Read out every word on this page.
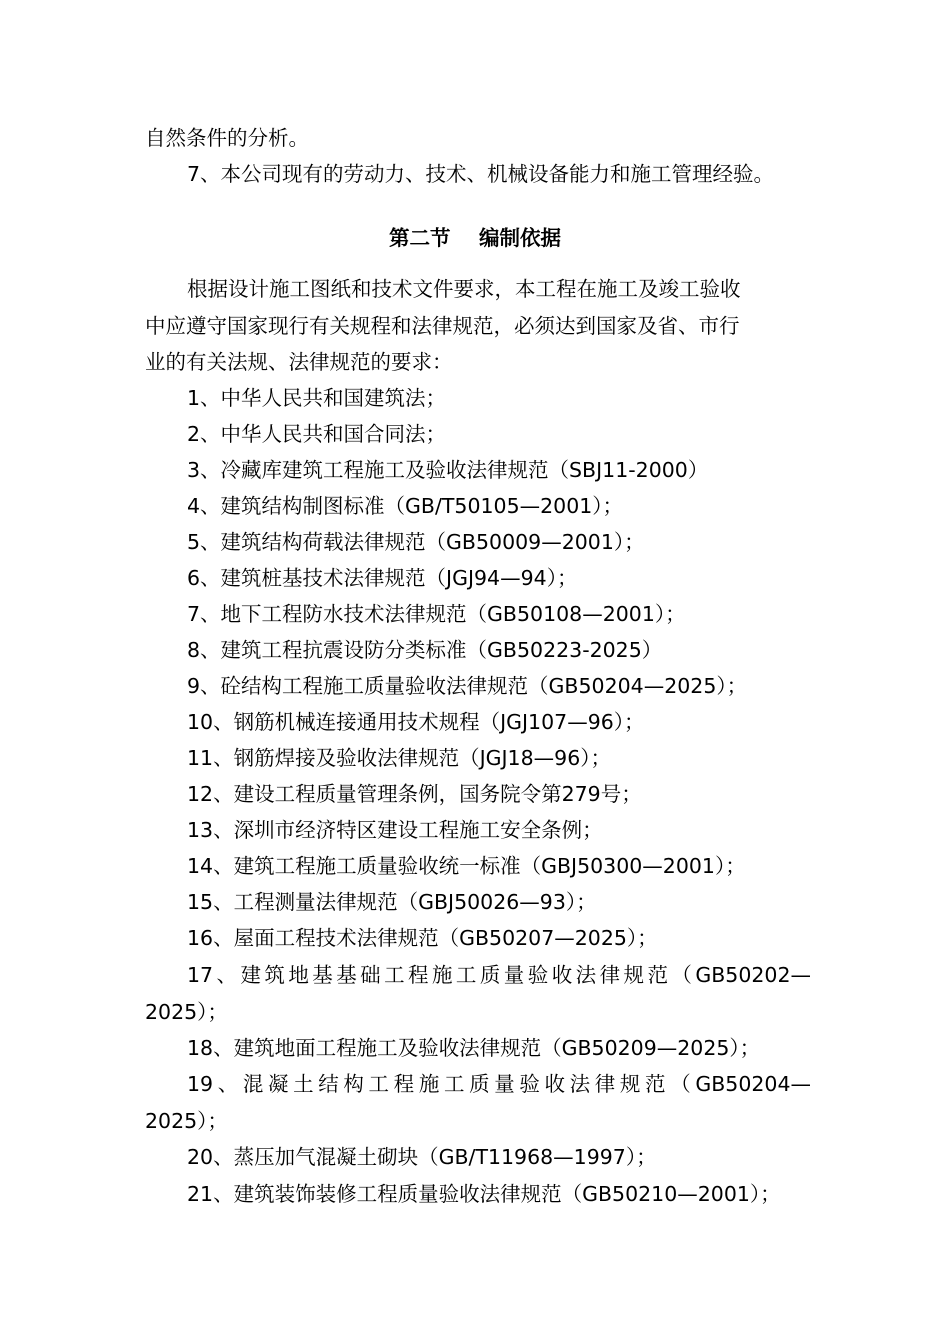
自然条件的分析。
7、本公司现有的劳动力、技术、机械设备能力和施工管理经验。
第二节    编制依据
根据设计施工图纸和技术文件要求，本工程在施工及竣工验收
中应遵守国家现行有关规程和法律规范，必须达到国家及省、市行
业的有关法规、法律规范的要求：
1、中华人民共和国建筑法；
2、中华人民共和国合同法；
3、冷藏库建筑工程施工及验收法律规范（SBJ11-2000）
4、建筑结构制图标准（GB/T50105—2001）；
5、建筑结构荷载法律规范（GB50009—2001）；
6、建筑桩基技术法律规范（JGJ94—94）；
7、地下工程防水技术法律规范（GB50108—2001）；
8、建筑工程抗震设防分类标准（GB50223-2025）
9、砼结构工程施工质量验收法律规范（GB50204—2025）；
10、钢筋机械连接通用技术规程（JGJ107—96）；
11、钢筋焊接及验收法律规范（JGJ18—96）；
12、建设工程质量管理条例，国务院令第279号；
13、深圳市经济特区建设工程施工安全条例；
14、建筑工程施工质量验收统一标准（GBJ50300—2001）；
15、工程测量法律规范（GBJ50026—93）；
16、屋面工程技术法律规范（GB50207—2025）；
17、建筑地基基础工程施工质量验收法律规范（GB50202—
2025）；
18、建筑地面工程施工及验收法律规范（GB50209—2025）；
19、混凝土结构工程施工质量验收法律规范（GB50204—
2025）；
20、蒸压加气混凝土砌块（GB/T11968—1997）；
21、建筑装饰装修工程质量验收法律规范（GB50210—2001）；
